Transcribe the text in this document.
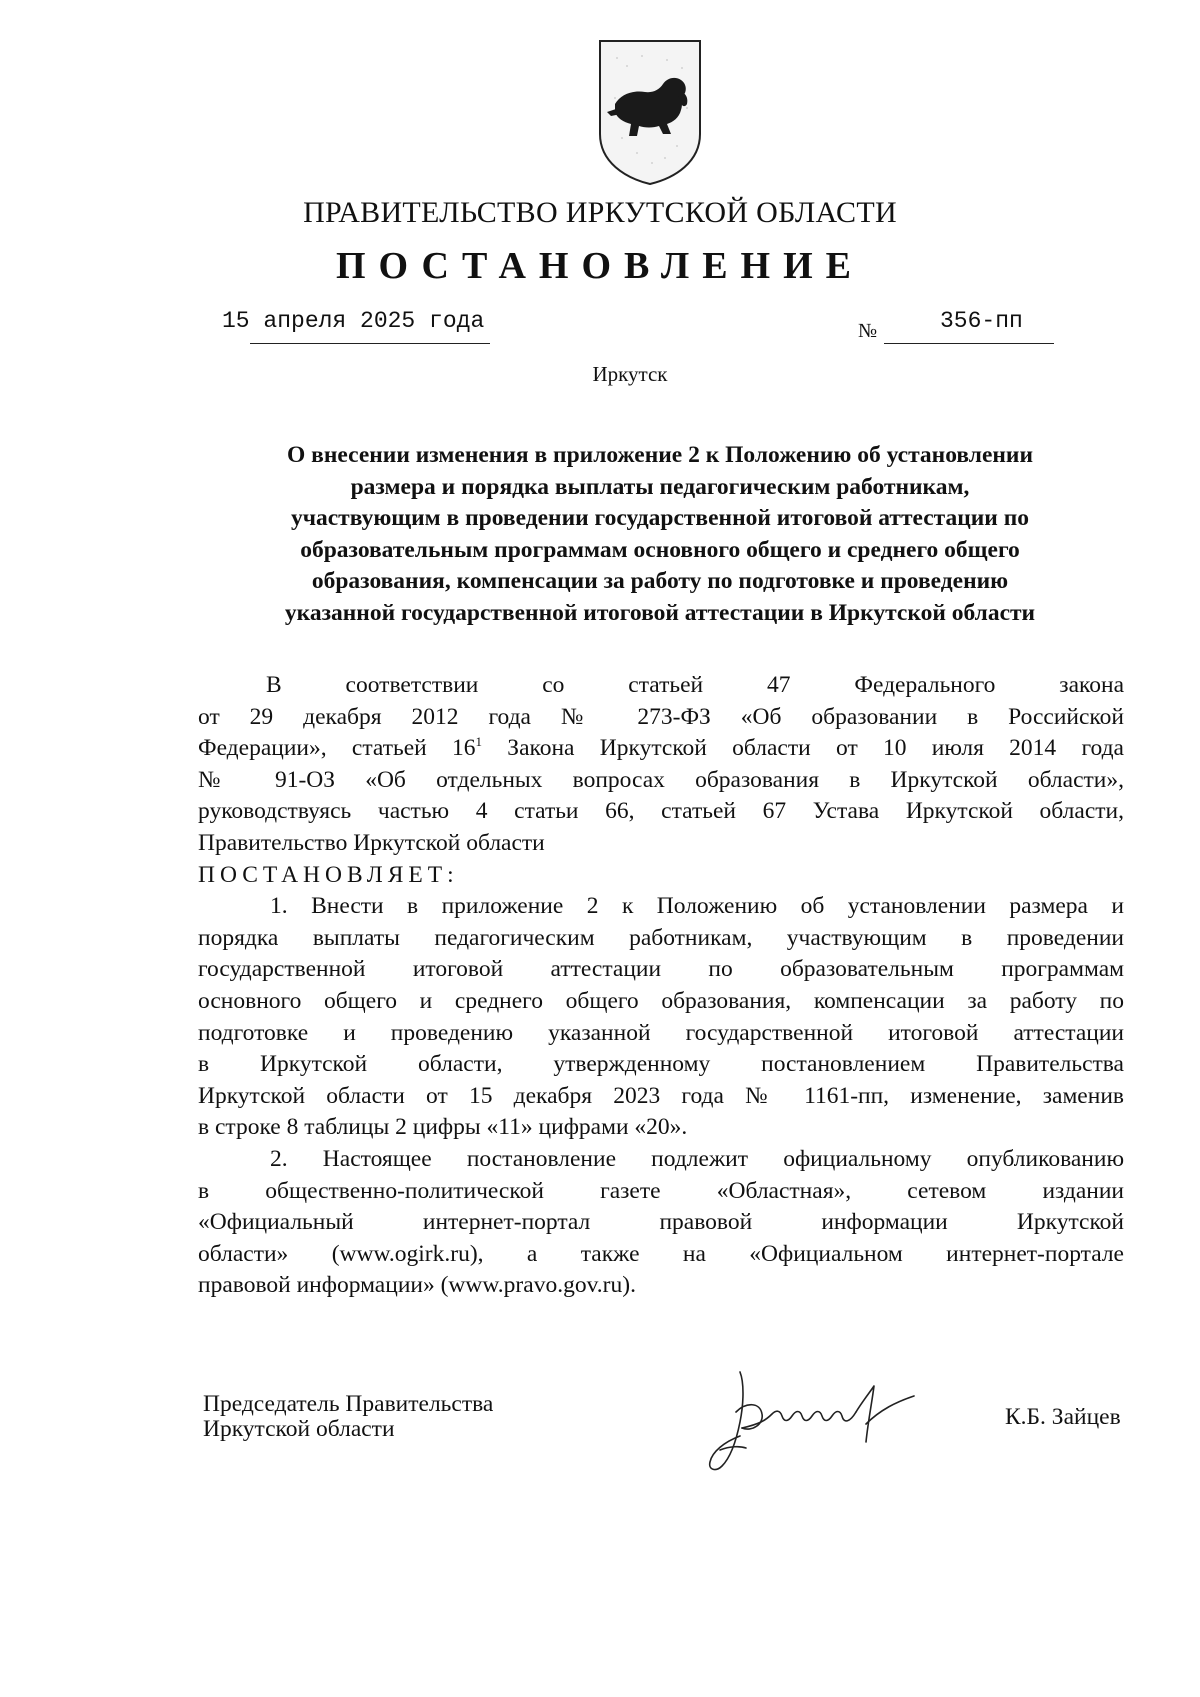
ПРАВИТЕЛЬСТВО ИРКУТСКОЙ ОБЛАСТИ
ПОСТАНОВЛЕНИЕ
15 апреля 2025 года	№	356-пп
Иркутск
О внесении изменения в приложение 2 к Положению об установлении
размера и порядка выплаты педагогическим работникам,
участвующим в проведении государственной итоговой аттестации по
образовательным программам основного общего и среднего общего
образования, компенсации за работу по подготовке и проведению
указанной государственной итоговой аттестации в Иркутской области
В соответствии со статьей 47 Федерального закона
от 29 декабря 2012 года № 273-ФЗ «Об образовании в Российской
Федерации», статьей $16^1$ Закона Иркутской области от 10 июля 2014 года
№ 91-ОЗ «Об отдельных вопросах образования в Иркутской области»,
руководствуясь частью 4 статьи 66, статьей 67 Устава Иркутской области,
Правительство Иркутской области
ПОСТАНОВЛЯЕТ:
1. Внести в приложение 2 к Положению об установлении размера и
порядка выплаты педагогическим работникам, участвующим в проведении
государственной итоговой аттестации по образовательным программам
основного общего и среднего общего образования, компенсации за работу по
подготовке и проведению указанной государственной итоговой аттестации
в Иркутской области, утвержденному постановлением Правительства
Иркутской области от 15 декабря 2023 года № 1161-пп, изменение, заменив
в строке 8 таблицы 2 цифры «11» цифрами «20».
2. Настоящее постановление подлежит официальному опубликованию
в общественно-политической газете «Областная», сетевом издании
«Официальный интернет-портал правовой информации Иркутской
области» (www.ogirk.ru), а также на «Официальном интернет-портале
правовой информации» (www.pravo.gov.ru).
Председатель Правительства
Иркутской области	К.Б. Зайцев
